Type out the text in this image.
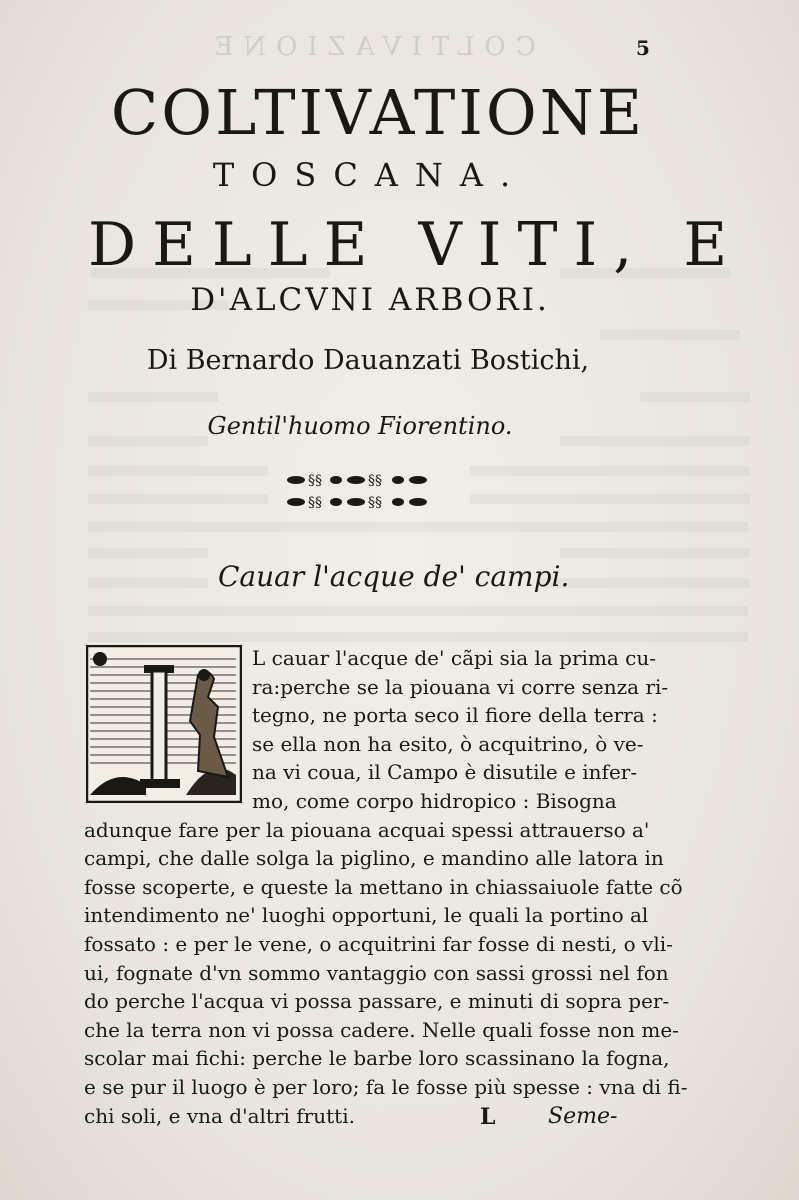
COLTIVAZIONE	5
COLTIVATIONE
TOSCANA.
DELLE VITI, E
D'ALCVNI ARBORI.
Di Bernardo Dauanzati Bostichi,
Gentil'huomo Fiorentino.
§§	§§
§§	§§
Cauar l'acque de' campi.
L cauar l'acque de' cãpi sia la prima cu-
ra:perche se la piouana vi corre senza ri-
tegno, ne porta seco il fiore della terra :
se ella non ha esito, ò acquitrino, ò ve-
na vi coua, il Campo è disutile e infer-
mo, come corpo hidropico : Bisogna
adunque fare per la piouana acquai spessi attrauerso a'
campi, che dalle solga la piglino, e mandino alle latora in
fosse scoperte, e queste la mettano in chiassaiuole fatte cõ
intendimento ne' luoghi opportuni, le quali la portino al
fossato : e per le vene, o acquitrini far fosse di nesti, o vli-
ui, fognate d'vn sommo vantaggio con sassi grossi nel fon
do perche l'acqua vi possa passare, e minuti di sopra per-
che la terra non vi possa cadere. Nelle quali fosse non me-
scolar mai fichi: perche le barbe loro scassinano la fogna,
e se pur il luogo è per loro; fa le fosse più spesse : vna di fi-
chi soli, e vna d'altri frutti.	L Seme-
